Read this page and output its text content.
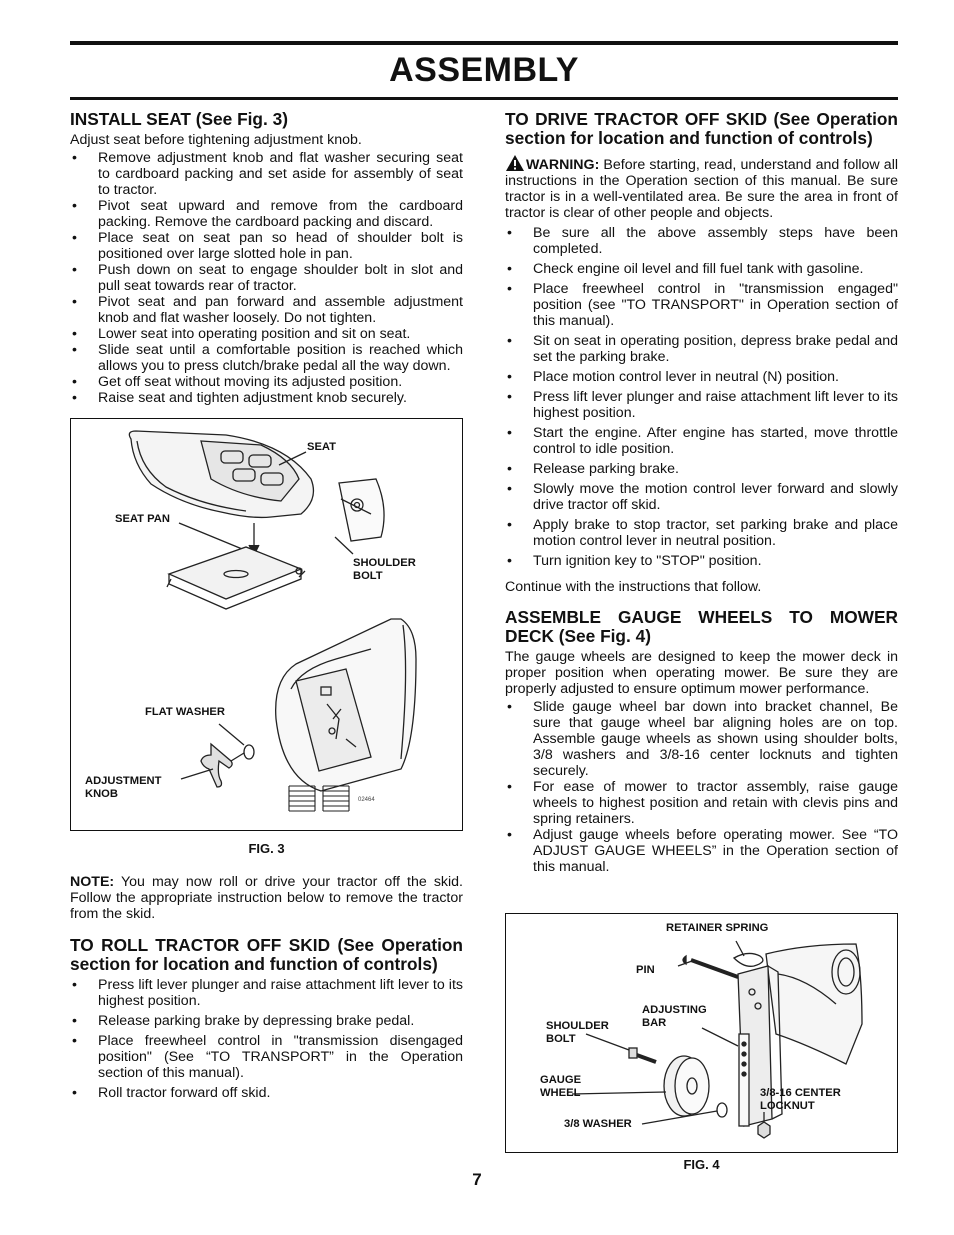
ASSEMBLY
INSTALL SEAT (See Fig. 3)

Adjust seat before tightening adjustment knob.

• Remove adjustment knob and flat washer securing seat to cardboard packing and set aside for assembly of seat to tractor.
• Pivot seat upward and remove from the cardboard packing. Remove the cardboard packing and discard.
• Place seat on seat pan so head of shoulder bolt is positioned over large slotted hole in pan.
• Push down on seat to engage shoulder bolt in slot and pull seat towards rear of tractor.
• Pivot seat and pan forward and assemble adjustment knob and flat washer loosely. Do not tighten.
• Lower seat into operating position and sit on seat.
• Slide seat until a comfortable position is reached which allows you to press clutch/brake pedal all the way down.
• Get off seat without moving its adjusted position.
• Raise seat and tighten adjustment knob securely.
SEAT
SEAT PAN
SHOULDER BOLT
FLAT WASHER
ADJUSTMENT KNOB	02464
FIG. 3

NOTE: You may now roll or drive your tractor off the skid. Follow the appropriate instruction below to remove the tractor from the skid.

TO ROLL TRACTOR OFF SKID (See Operation section for location and function of controls)
• Press lift lever plunger and raise attachment lift lever to its highest position.
• Release parking brake by depressing brake pedal.
• Place freewheel control in "transmission disengaged position" (See “TO TRANSPORT” in the Operation section of this manual).
• Roll tractor forward off skid.
TO DRIVE TRACTOR OFF SKID (See Operation section for location and function of controls)

WARNING: Before starting, read, understand and follow all instructions in the Operation section of this manual. Be sure tractor is in a well-ventilated area. Be sure the area in front of tractor is clear of other people and objects.

• Be sure all the above assembly steps have been completed.
• Check engine oil level and fill fuel tank with gasoline.
• Place freewheel control in "transmission engaged" position (see "TO TRANSPORT" in Operation section of this manual).
• Sit on seat in operating position, depress brake pedal and set the parking brake.
• Place motion control lever in neutral (N) position.
• Press lift lever plunger and raise attachment lift lever to its highest position.
• Start the engine. After engine has started, move throttle control to idle position.
• Release parking brake.
• Slowly move the motion control lever forward and slowly drive tractor off skid.
• Apply brake to stop tractor, set parking brake and place motion control lever in neutral position.
• Turn ignition key to "STOP" position.

Continue with the instructions that follow.

ASSEMBLE GAUGE WHEELS TO MOWER DECK (See Fig. 4)

The gauge wheels are designed to keep the mower deck in proper position when operating mower. Be sure they are properly adjusted to ensure optimum mower performance.

• Slide gauge wheel bar down into bracket channel, Be sure that gauge wheel bar aligning holes are on top. Assemble gauge wheels as shown using shoulder bolts, 3/8 washers and 3/8-16 center locknuts and tighten securely.
• For ease of mower to tractor assembly, raise gauge wheels to highest position and retain with clevis pins and spring retainers.
• Adjust gauge wheels before operating mower. See “TO ADJUST GAUGE WHEELS” in the Operation section of this manual.
RETAINER SPRING
PIN
ADJUSTING BAR
SHOULDER BOLT
GAUGE WHEEL	3/8-16 CENTER LOCKNUT
3/8 WASHER
FIG. 4
7
